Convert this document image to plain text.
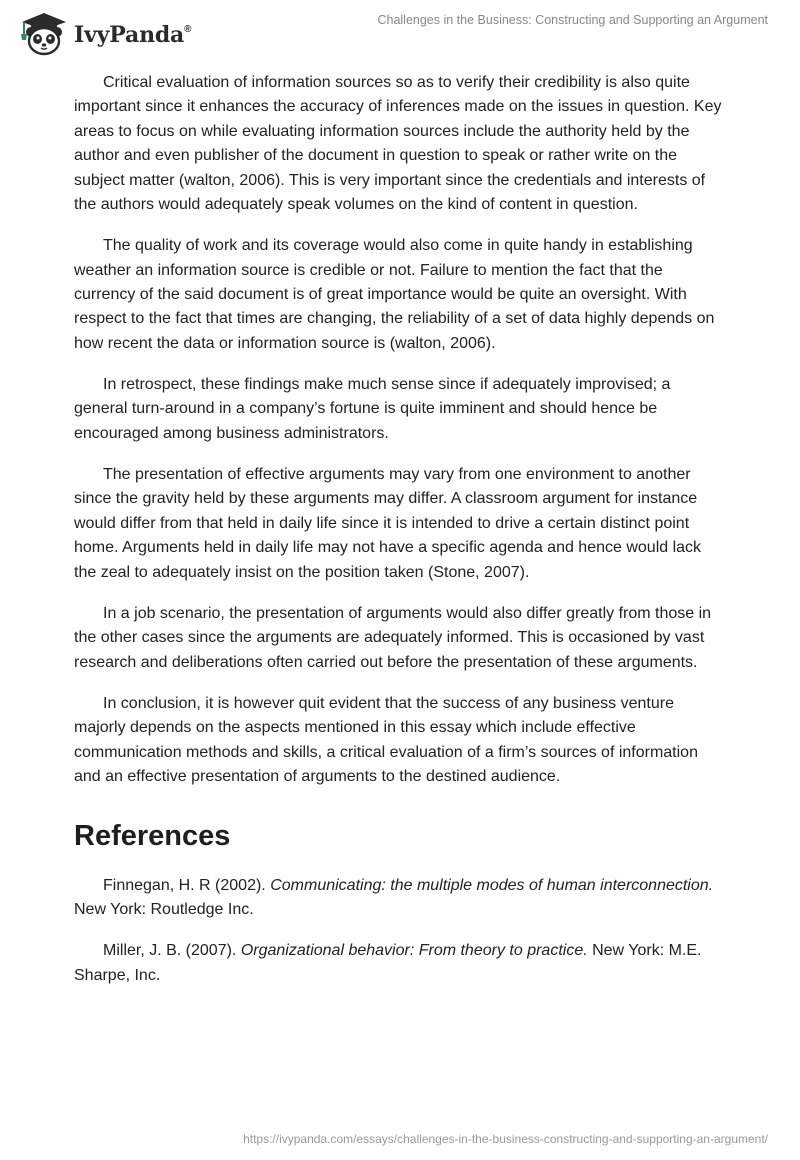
IvyPanda®
Challenges in the Business: Constructing and Supporting an Argument

Critical evaluation of information sources so as to verify their credibility is also quite important since it enhances the accuracy of inferences made on the issues in question. Key areas to focus on while evaluating information sources include the authority held by the author and even publisher of the document in question to speak or rather write on the subject matter (walton, 2006). This is very important since the credentials and interests of the authors would adequately speak volumes on the kind of content in question.

The quality of work and its coverage would also come in quite handy in establishing weather an information source is credible or not. Failure to mention the fact that the currency of the said document is of great importance would be quite an oversight. With respect to the fact that times are changing, the reliability of a set of data highly depends on how recent the data or information source is (walton, 2006).

In retrospect, these findings make much sense since if adequately improvised; a general turn-around in a company’s fortune is quite imminent and should hence be encouraged among business administrators.

The presentation of effective arguments may vary from one environment to another since the gravity held by these arguments may differ. A classroom argument for instance would differ from that held in daily life since it is intended to drive a certain distinct point home. Arguments held in daily life may not have a specific agenda and hence would lack the zeal to adequately insist on the position taken (Stone, 2007).

In a job scenario, the presentation of arguments would also differ greatly from those in the other cases since the arguments are adequately informed. This is occasioned by vast research and deliberations often carried out before the presentation of these arguments.

In conclusion, it is however quit evident that the success of any business venture majorly depends on the aspects mentioned in this essay which include effective communication methods and skills, a critical evaluation of a firm’s sources of information and an effective presentation of arguments to the destined audience.

References

Finnegan, H. R (2002). Communicating: the multiple modes of human interconnection. New York: Routledge Inc.

Miller, J. B. (2007). Organizational behavior: From theory to practice. New York: M.E. Sharpe, Inc.

https://ivypanda.com/essays/challenges-in-the-business-constructing-and-supporting-an-argument/
